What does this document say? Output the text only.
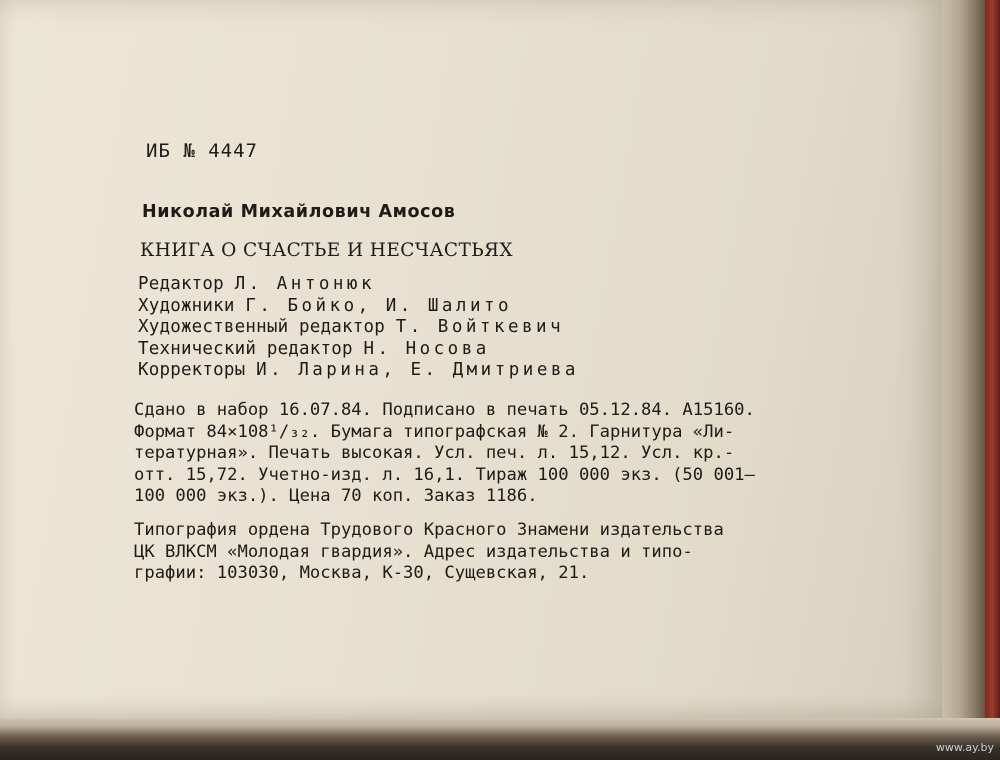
ИБ № 4447
Николай Михайлович Амосов
КНИГА О СЧАСТЬЕ И НЕСЧАСТЬЯХ
Редактор Л. Антонюк
Художники Г. Бойко, И. Шалито
Художественный редактор Т. Войткевич
Технический редактор Н. Носова
Корректоры И. Ларина, Е. Дмитриева
Сдано в набор 16.07.84. Подписано в печать 05.12.84. А15160.
Формат 84×108¹/₃₂. Бумага типографская № 2. Гарнитура «Ли-
тературная». Печать высокая. Усл. печ. л. 15,12. Усл. кр.-
отт. 15,72. Учетно-изд. л. 16,1. Тираж 100 000 экз. (50 001—
100 000 экз.). Цена 70 коп. Заказ 1186.
Типография ордена Трудового Красного Знамени издательства
ЦК ВЛКСМ «Молодая гвардия». Адрес издательства и типо-
графии: 103030, Москва, К-30, Сущевская, 21.
www.ay.by
